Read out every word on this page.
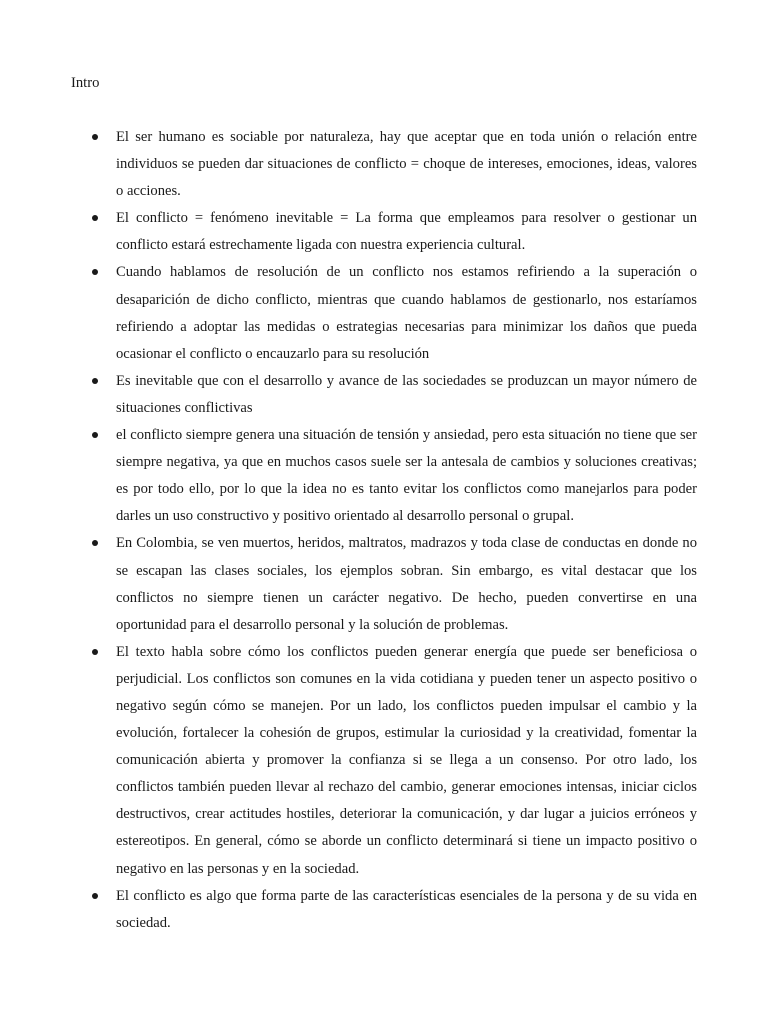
Intro
El ser humano es sociable por naturaleza, hay que aceptar que en toda unión o relación entre individuos se pueden dar situaciones de conflicto = choque de intereses, emociones, ideas, valores o acciones.
El conflicto = fenómeno inevitable = La forma que empleamos para resolver o gestionar un conflicto estará estrechamente ligada con nuestra experiencia cultural.
Cuando hablamos de resolución de un conflicto nos estamos refiriendo a la superación o desaparición de dicho conflicto, mientras que cuando hablamos de gestionarlo, nos estaríamos refiriendo a adoptar las medidas o estrategias necesarias para minimizar los daños que pueda ocasionar el conflicto o encauzarlo para su resolución
Es inevitable que con el desarrollo y avance de las sociedades se produzcan un mayor número de situaciones conflictivas
el conflicto siempre genera una situación de tensión y ansiedad, pero esta situación no tiene que ser siempre negativa, ya que en muchos casos suele ser la antesala de cambios y soluciones creativas; es por todo ello, por lo que la idea no es tanto evitar los conflictos como manejarlos para poder darles un uso constructivo y positivo orientado al desarrollo personal o grupal.
En Colombia, se ven muertos, heridos, maltratos, madrazos y toda clase de conductas en donde no se escapan las clases sociales, los ejemplos sobran. Sin embargo, es vital destacar que los conflictos no siempre tienen un carácter negativo. De hecho, pueden convertirse en una oportunidad para el desarrollo personal y la solución de problemas.
El texto habla sobre cómo los conflictos pueden generar energía que puede ser beneficiosa o perjudicial. Los conflictos son comunes en la vida cotidiana y pueden tener un aspecto positivo o negativo según cómo se manejen. Por un lado, los conflictos pueden impulsar el cambio y la evolución, fortalecer la cohesión de grupos, estimular la curiosidad y la creatividad, fomentar la comunicación abierta y promover la confianza si se llega a un consenso. Por otro lado, los conflictos también pueden llevar al rechazo del cambio, generar emociones intensas, iniciar ciclos destructivos, crear actitudes hostiles, deteriorar la comunicación, y dar lugar a juicios erróneos y estereotipos. En general, cómo se aborde un conflicto determinará si tiene un impacto positivo o negativo en las personas y en la sociedad.
El conflicto es algo que forma parte de las características esenciales de la persona y de su vida en sociedad.
